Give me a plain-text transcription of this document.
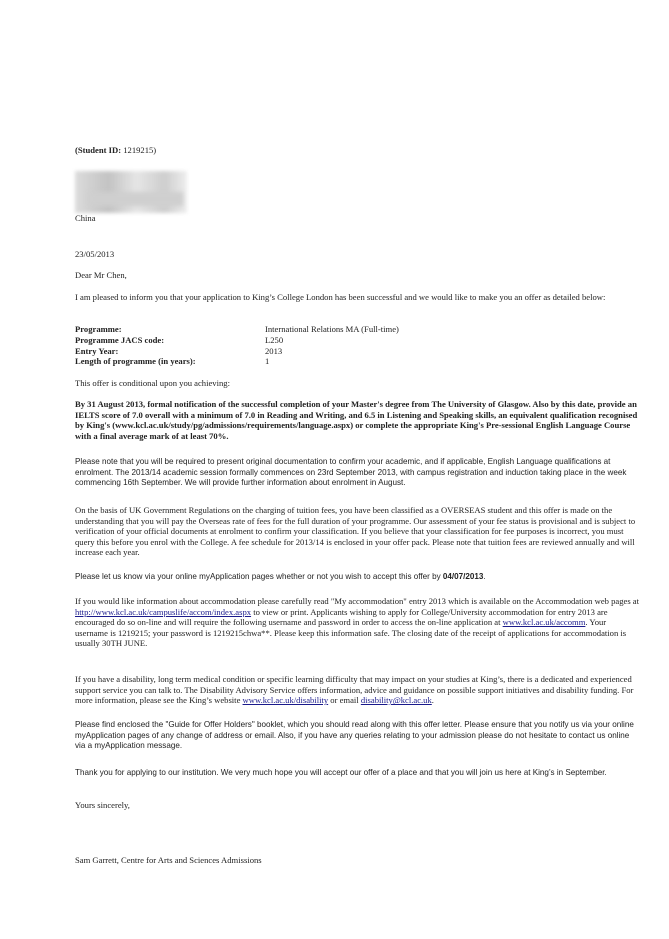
(Student ID: 1219215)

China

23/05/2013

Dear Mr Chen,

I am pleased to inform you that your application to King’s College London has been successful and we would like to make you an offer as detailed below:

Programme:	International Relations MA (Full-time)
Programme JACS code:	L250
Entry Year:	2013
Length of programme (in years):	1

This offer is conditional upon you achieving:

By 31 August 2013, formal notification of the successful completion of your Master's degree from The University of Glasgow. Also by this date, provide an IELTS score of 7.0 overall with a minimum of 7.0 in Reading and Writing, and 6.5 in Listening and Speaking skills, an equivalent qualification recognised by King's (www.kcl.ac.uk/study/pg/admissions/requirements/language.aspx) or complete the appropriate King's Pre-sessional English Language Course with a final average mark of at least 70%.

Please note that you will be required to present original documentation to confirm your academic, and if applicable, English Language qualifications at enrolment. The 2013/14 academic session formally commences on 23rd September 2013, with campus registration and induction taking place in the week commencing 16th September. We will provide further information about enrolment in August.

On the basis of UK Government Regulations on the charging of tuition fees, you have been classified as a OVERSEAS student and this offer is made on the understanding that you will pay the Overseas rate of fees for the full duration of your programme. Our assessment of your fee status is provisional and is subject to verification of your official documents at enrolment to confirm your classification. If you believe that your classification for fee purposes is incorrect, you must query this before you enrol with the College. A fee schedule for 2013/14 is enclosed in your offer pack. Please note that tuition fees are reviewed annually and will increase each year.

Please let us know via your online myApplication pages whether or not you wish to accept this offer by 04/07/2013.

If you would like information about accommodation please carefully read "My accommodation" entry 2013 which is available on the Accommodation web pages at http://www.kcl.ac.uk/campuslife/accom/index.aspx to view or print. Applicants wishing to apply for College/University accommodation for entry 2013 are encouraged do so on-line and will require the following username and password in order to access the on-line application at www.kcl.ac.uk/accomm. Your username is 1219215; your password is 1219215chwa**. Please keep this information safe. The closing date of the receipt of applications for accommodation is usually 30TH JUNE.

If you have a disability, long term medical condition or specific learning difficulty that may impact on your studies at King’s, there is a dedicated and experienced support service you can talk to. The Disability Advisory Service offers information, advice and guidance on possible support initiatives and disability funding. For more information, please see the King’s website www.kcl.ac.uk/disability or email disability@kcl.ac.uk.

Please find enclosed the "Guide for Offer Holders" booklet, which you should read along with this offer letter. Please ensure that you notify us via your online myApplication pages of any change of address or email. Also, if you have any queries relating to your admission please do not hesitate to contact us online via a myApplication message.

Thank you for applying to our institution. We very much hope you will accept our offer of a place and that you will join us here at King’s in September.

Yours sincerely,

Sam Garrett, Centre for Arts and Sciences Admissions
